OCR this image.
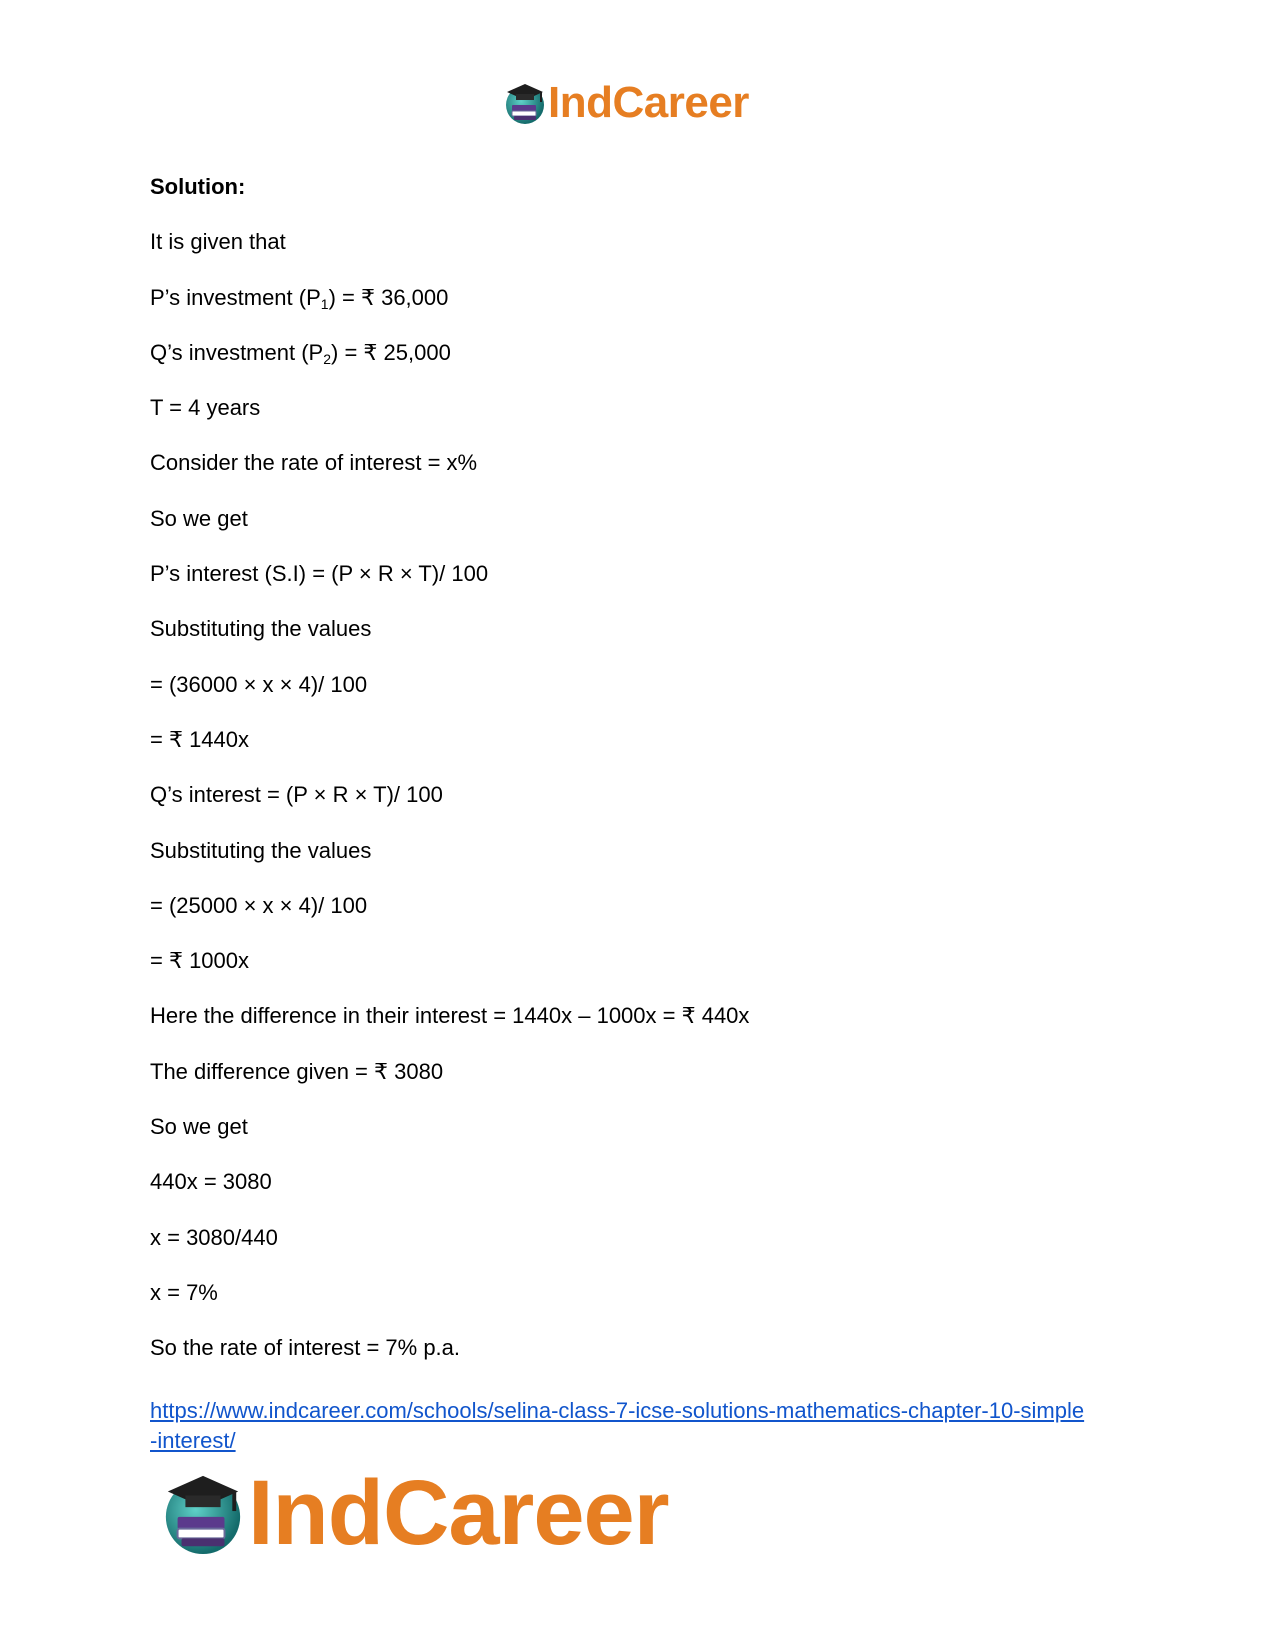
IndCareer
Solution:
It is given that
P’s investment $(P_1)$ = ₹ 36,000
Q’s investment $(P_2)$ = ₹ 25,000
T = 4 years
Consider the rate of interest = x%
So we get
P’s interest (S.I) = (P × R × T)/ 100
Substituting the values
= (36000 × x × 4)/ 100
= ₹ 1440x
Q’s interest = (P × R × T)/ 100
Substituting the values
= (25000 × x × 4)/ 100
= ₹ 1000x
Here the difference in their interest = 1440x – 1000x = ₹ 440x
The difference given = ₹ 3080
So we get
440x = 3080
x = 3080/440
x = 7%
So the rate of interest = 7% p.a.
https://www.indcareer.com/schools/selina-class-7-icse-solutions-mathematics-chapter-10-simple
-interest/
IndCareer
